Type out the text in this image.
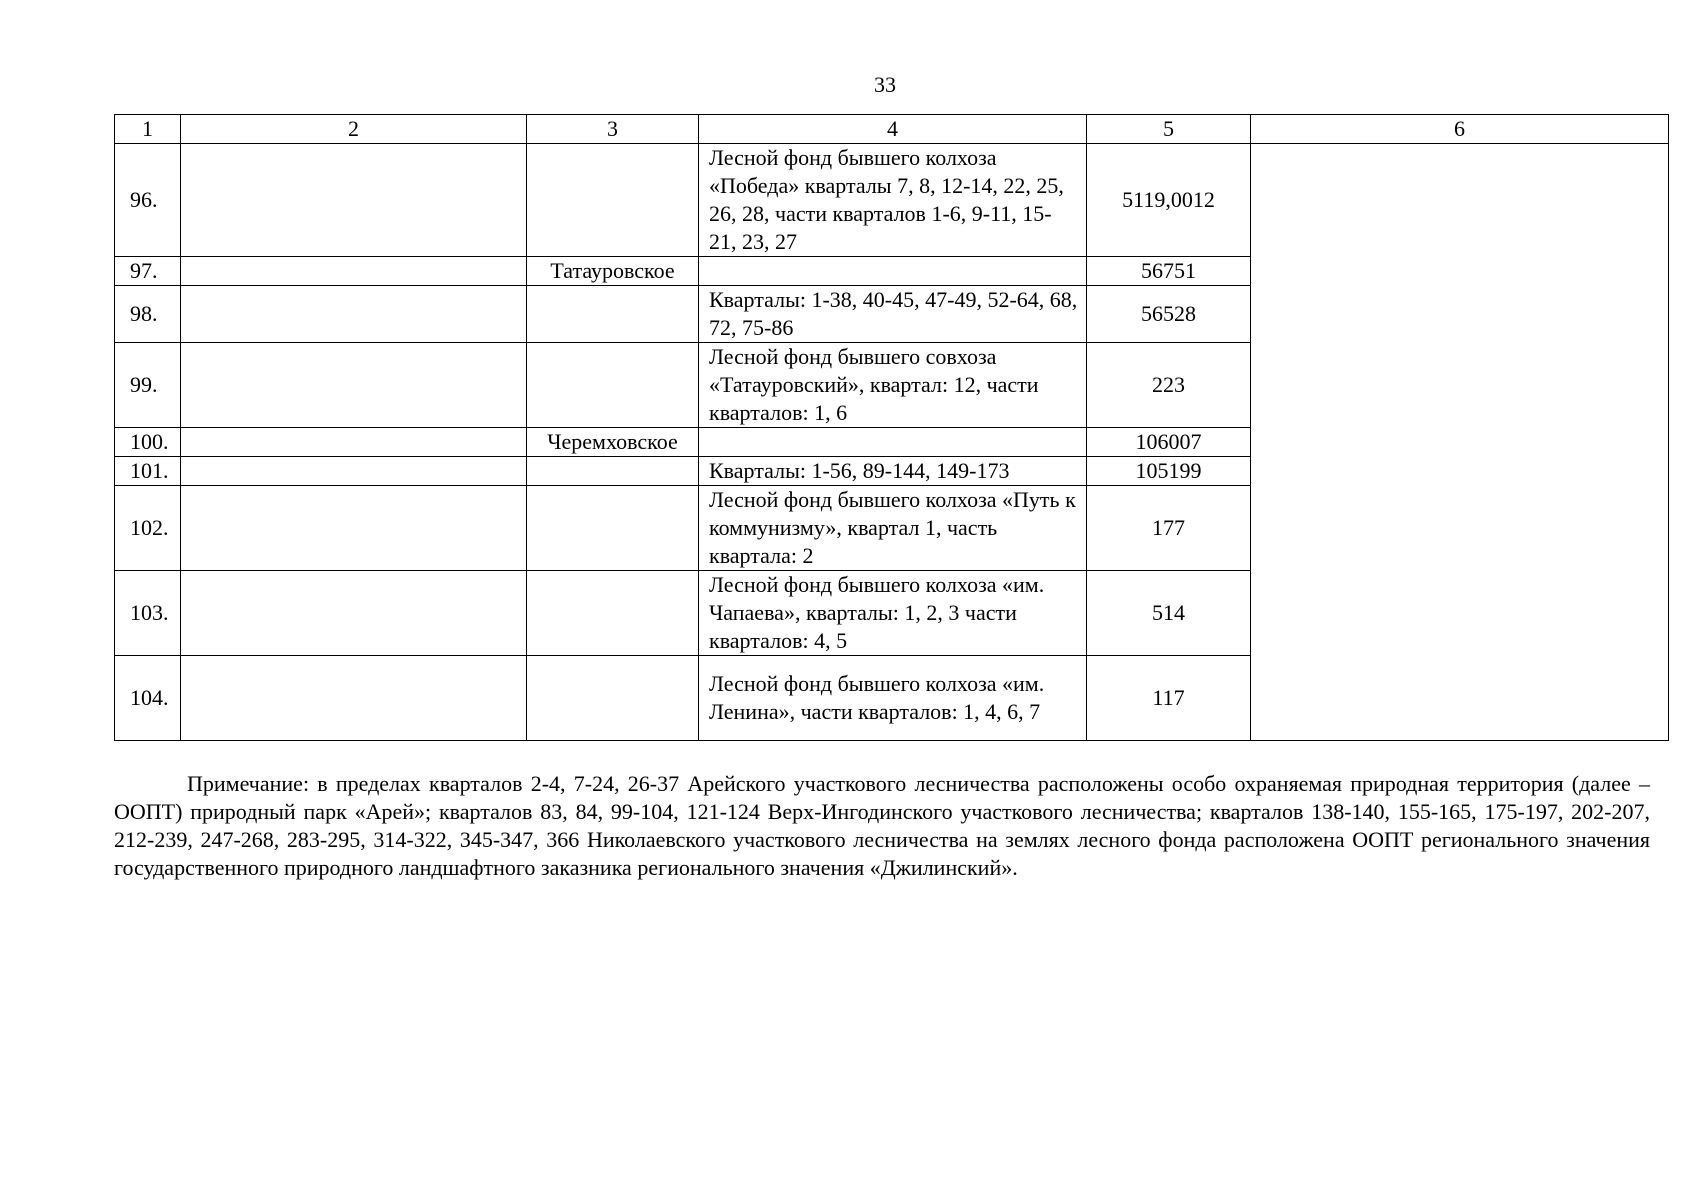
33
1	2	3	4	5	6
96.			Лесной фонд бывшего колхоза «Победа» кварталы 7, 8, 12-14, 22, 25, 26, 28, части кварталов 1-6, 9-11, 15-21, 23, 27	5119,0012	
97.		Татауровское		56751	
98.			Кварталы: 1-38, 40-45, 47-49, 52-64, 68, 72, 75-86	56528	
99.			Лесной фонд бывшего совхоза «Татауровский», квартал: 12, части кварталов: 1, 6	223	
100.		Черемховское		106007	
101.			Кварталы: 1-56, 89-144, 149-173	105199	
102.			Лесной фонд бывшего колхоза «Путь к коммунизму», квартал 1, часть квартала: 2	177	
103.			Лесной фонд бывшего колхоза «им. Чапаева», кварталы: 1, 2, 3 части кварталов: 4, 5	514	
104.			Лесной фонд бывшего колхоза «им. Ленина», части кварталов: 1, 4, 6, 7	117	

Примечание: в пределах кварталов 2-4, 7-24, 26-37 Арейского участкового лесничества расположены особо охраняемая природная территория (далее – ООПТ) природный парк «Арей»; кварталов 83, 84, 99-104, 121-124 Верх-Ингодинского участкового лесничества; кварталов 138-140, 155-165, 175-197, 202-207, 212-239, 247-268, 283-295, 314-322, 345-347, 366 Николаевского участкового лесничества на землях лесного фонда расположена ООПТ регионального значения государственного природного ландшафтного заказника регионального значения «Джилинский».
